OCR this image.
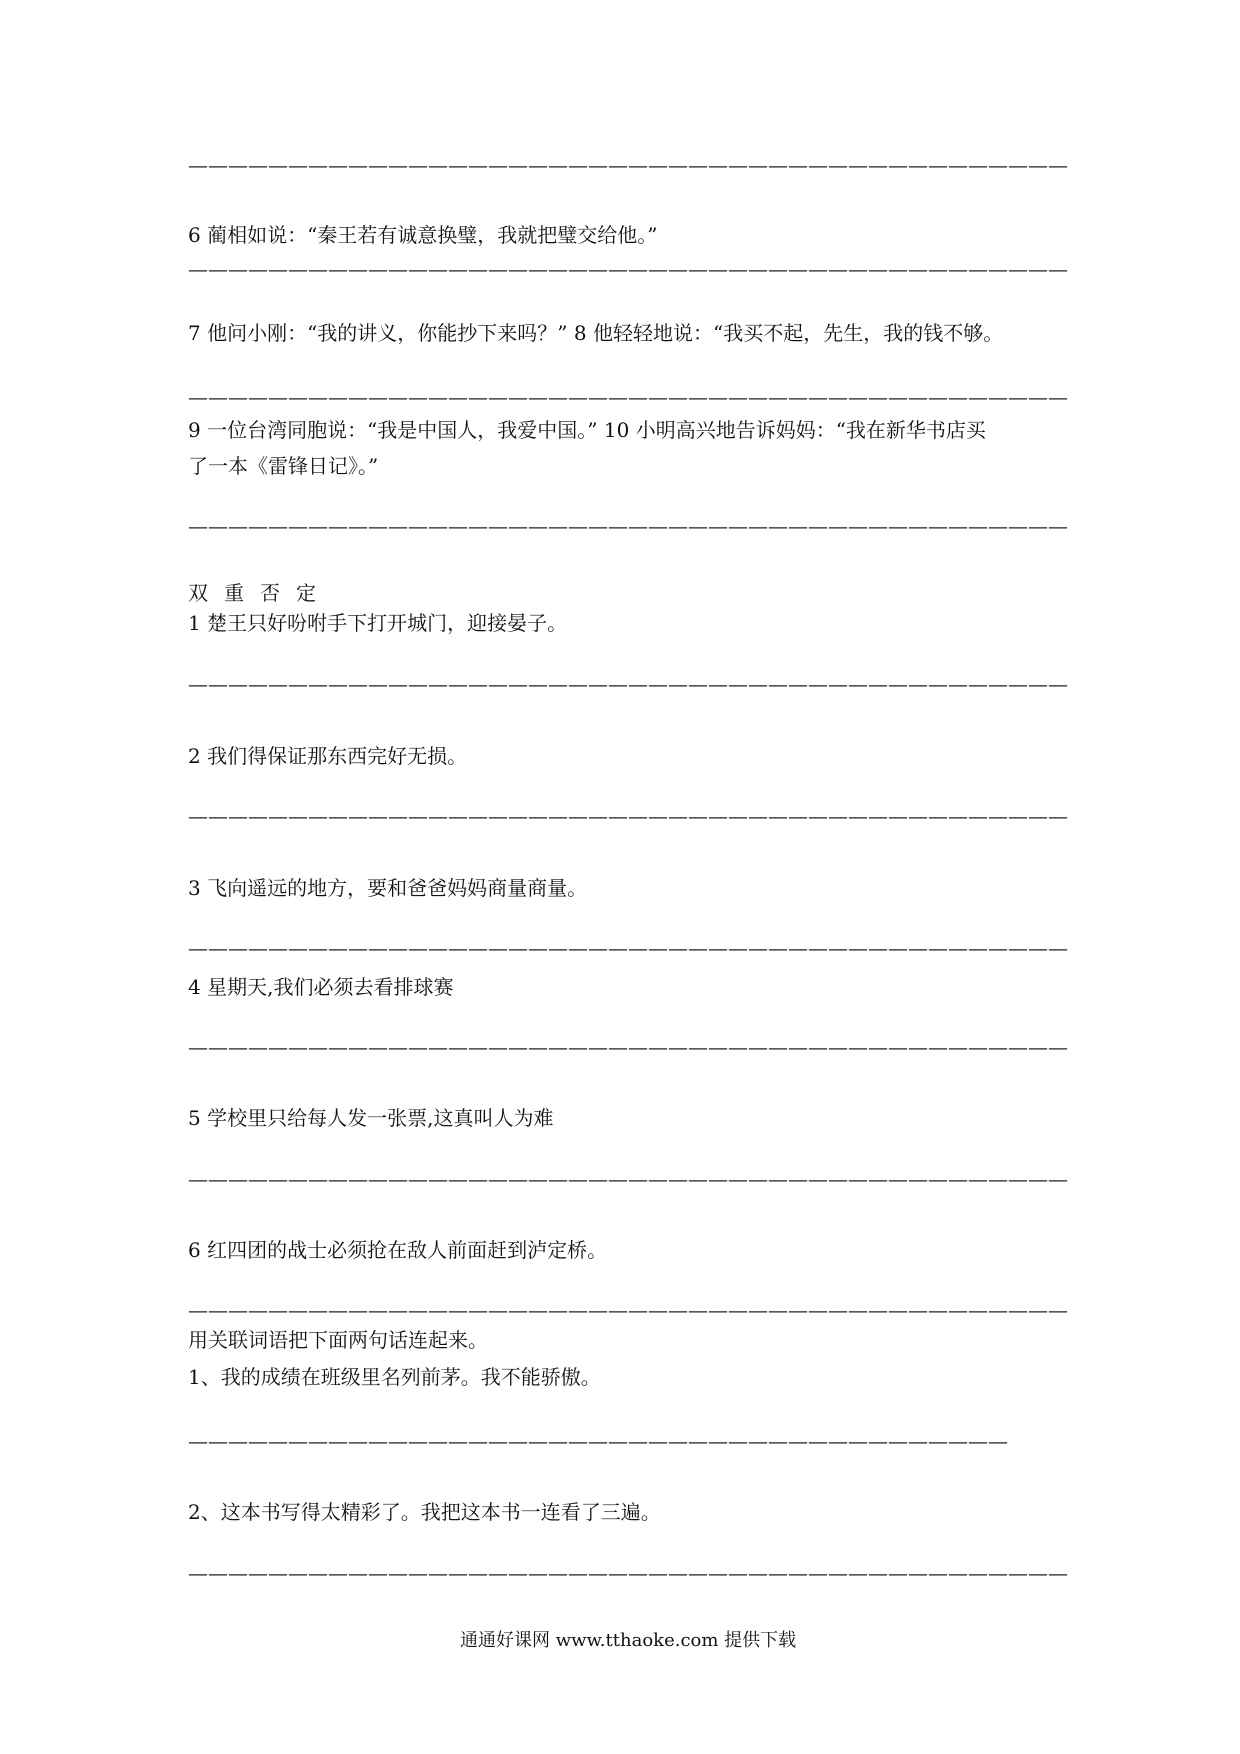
————————————————————————————————————————————
6 蔺相如说：“秦王若有诚意换璧，我就把璧交给他。”
————————————————————————————————————————————
7 他问小刚：“我的讲义，你能抄下来吗？” 8 他轻轻地说：“我买不起，先生，我的钱不够。
————————————————————————————————————————————
9 一位台湾同胞说：“我是中国人，我爱中国。” 10 小明高兴地告诉妈妈：“我在新华书店买
了一本《雷锋日记》。”
————————————————————————————————————————————
双重否定
1 楚王只好吩咐手下打开城门，迎接晏子。
————————————————————————————————————————————
2 我们得保证那东西完好无损。
————————————————————————————————————————————
3 飞向遥远的地方，要和爸爸妈妈商量商量。
————————————————————————————————————————————
4 星期天,我们必须去看排球赛
————————————————————————————————————————————
5 学校里只给每人发一张票,这真叫人为难
————————————————————————————————————————————
6 红四团的战士必须抢在敌人前面赶到泸定桥。
————————————————————————————————————————————
用关联词语把下面两句话连起来。
1、我的成绩在班级里名列前茅。我不能骄傲。
—————————————————————————————————————————
2、这本书写得太精彩了。我把这本书一连看了三遍。
————————————————————————————————————————————
通通好课网 www.tthaoke.com 提供下载
